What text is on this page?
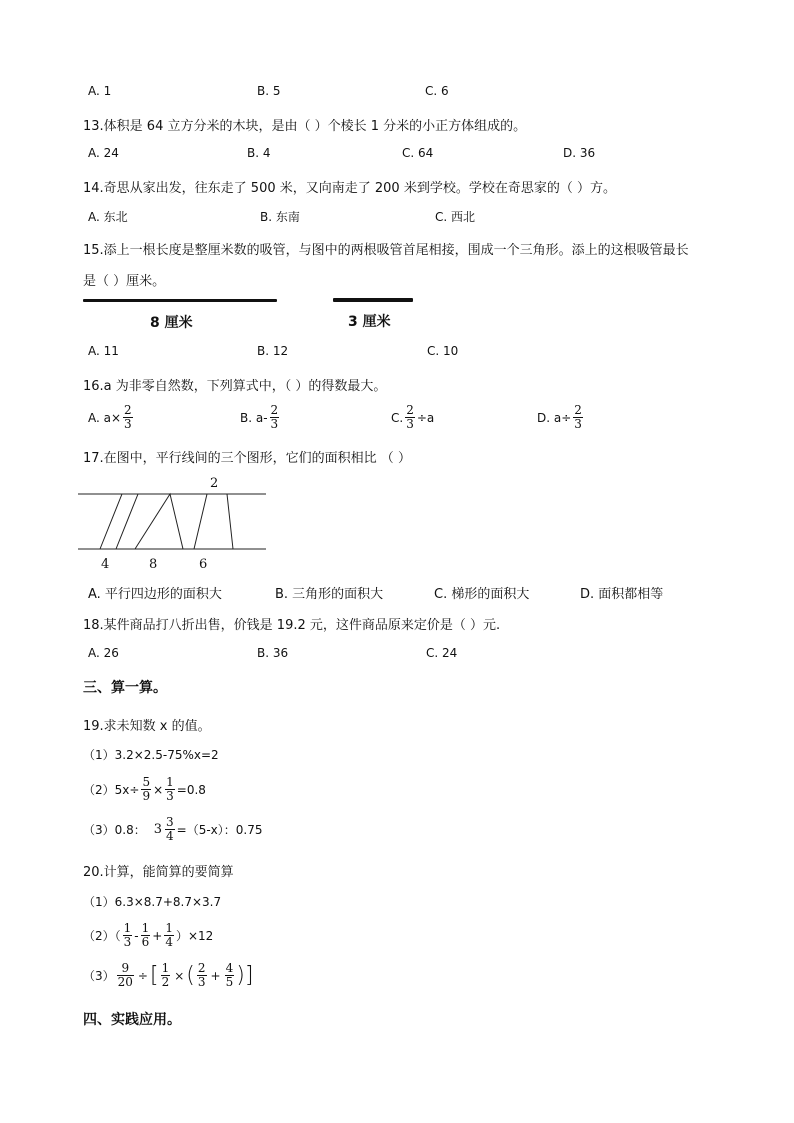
A. 1	B. 5	C. 6
13.体积是 64 立方分米的木块，是由（ ）个棱长 1 分米的小正方体组成的。
A. 24	B. 4	C. 64	D. 36
14.奇思从家出发，往东走了 500 米，又向南走了 200 米到学校。学校在奇思家的（ ）方。
A. 东北	B. 东南	C. 西北
15.添上一根长度是整厘米数的吸管，与图中的两根吸管首尾相接，围成一个三角形。添上的这根吸管最长
是（ ）厘米。
8 厘米	3 厘米
A. 11	B. 12	C. 10
16.a 为非零自然数，下列算式中，（ ）的得数最大。
A. $a\times \frac{2}{3}$	B. $a- \frac{2}{3}$	C. $\frac{2}{3} \div a$	D. $a\div \frac{2}{3}$
17.在图中，平行线间的三个图形，它们的面积相比 （ ）
2
4	8	6
A. 平行四边形的面积大	B. 三角形的面积大	C. 梯形的面积大	D. 面积都相等
18.某件商品打八折出售，价钱是 19.2 元，这件商品原来定价是（ ）元.
A. 26	B. 36	C. 24
三、算一算。
19.求未知数 x 的值。
（1）3.2×2.5-75%x=2
$(2)5x\div \frac{5}{9} \times \frac{1}{3} =0.8$
（3）0.8： $3 \frac{3}{4} =(5-x)$：0.75
20.计算，能简算的要简算
（1）6.3×8.7+8.7×3.7
$(2)( \frac{1}{3} - \frac{1}{6} + \frac{1}{4} )\times 12$
$(3) \frac{9}{20}$ ÷ [ $\frac{1}{2}$ × ( $\frac{2}{3} + \frac{4}{5}$ ) ]
四、实践应用。
